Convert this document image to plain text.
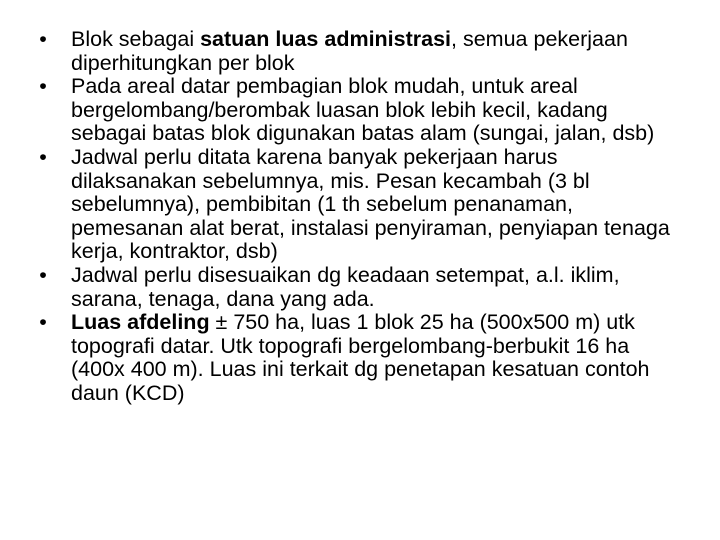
• Blok sebagai satuan luas administrasi, semua pekerjaan diperhitungkan per blok
• Pada areal datar pembagian blok mudah, untuk areal bergelombang/berombak luasan blok lebih kecil, kadang sebagai batas blok digunakan batas alam (sungai, jalan, dsb)
• Jadwal perlu ditata karena banyak pekerjaan harus dilaksanakan sebelumnya, mis. Pesan kecambah (3 bl sebelumnya), pembibitan (1 th sebelum penanaman, pemesanan alat berat, instalasi penyiraman, penyiapan tenaga kerja, kontraktor, dsb)
• Jadwal perlu disesuaikan dg keadaan setempat, a.l. iklim, sarana, tenaga, dana yang ada.
• Luas afdeling ± 750 ha, luas 1 blok 25 ha (500x500 m) utk topografi datar. Utk topografi bergelombang-berbukit 16 ha (400x 400 m). Luas ini terkait dg penetapan kesatuan contoh daun (KCD)
